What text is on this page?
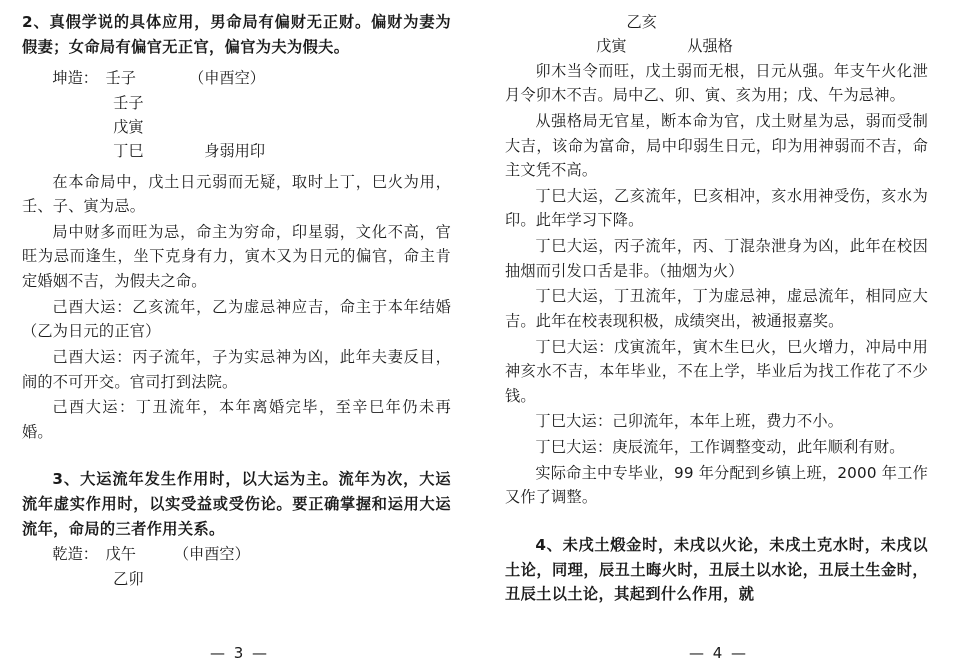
2、真假学说的具体应用，男命局有偏财无正财。偏财为妻为假妻；女命局有偏官无正官，偏官为夫为假夫。

　　坤造：　壬子　　　　（申酉空）

　　　　　　壬子

　　　　　　戊寅

　　　　　　丁巳　　　　身弱用印

在本命局中，戊土日元弱而无疑，取时上丁，巳火为用，壬、子、寅为忌。

局中财多而旺为忌，命主为穷命，印星弱，文化不高，官旺为忌而逢生，坐下克身有力，寅木又为日元的偏官，命主肯定婚姻不吉，为假夫之命。

己酉大运：乙亥流年，乙为虚忌神应吉，命主于本年结婚（乙为日元的正官）

己酉大运：丙子流年，子为实忌神为凶，此年夫妻反目，闹的不可开交。官司打到法院。

己酉大运：丁丑流年，本年离婚完毕，至辛巳年仍未再婚。

3、大运流年发生作用时，以大运为主。流年为次，大运流年虚实作用时，以实受益或受伤论。要正确掌握和运用大运流年，命局的三者作用关系。

　　乾造：　戊午　　　（申酉空）

　　　　　　乙卯

— 3 —

　　　　　　　　乙亥

　　　　　　戊寅　　　　从强格

卯木当令而旺，戊土弱而无根，日元从强。年支午火化泄月令卯木不吉。局中乙、卯、寅、亥为用；戊、午为忌神。

从强格局无官星，断本命为官，戊土财星为忌，弱而受制大吉，该命为富命，局中印弱生日元，印为用神弱而不吉，命主文凭不高。

丁巳大运，乙亥流年，巳亥相冲，亥水用神受伤，亥水为印。此年学习下降。

丁巳大运，丙子流年，丙、丁混杂泄身为凶，此年在校因抽烟而引发口舌是非。（抽烟为火）

丁巳大运，丁丑流年，丁为虚忌神，虚忌流年，相同应大吉。此年在校表现积极，成绩突出，被通报嘉奖。

丁巳大运：戊寅流年，寅木生巳火，巳火增力，冲局中用神亥水不吉，本年毕业，不在上学，毕业后为找工作花了不少钱。

丁巳大运：己卯流年，本年上班，费力不小。

丁巳大运：庚辰流年，工作调整变动，此年顺利有财。

实际命主中专毕业，99 年分配到乡镇上班，2000 年工作又作了调整。

4、未戌土煅金时，未戌以火论，未戌土克水时，未戌以土论，同理，辰丑土晦火时，丑辰土以水论，丑辰土生金时，丑辰土以土论，其起到什么作用，就

— 4 —
